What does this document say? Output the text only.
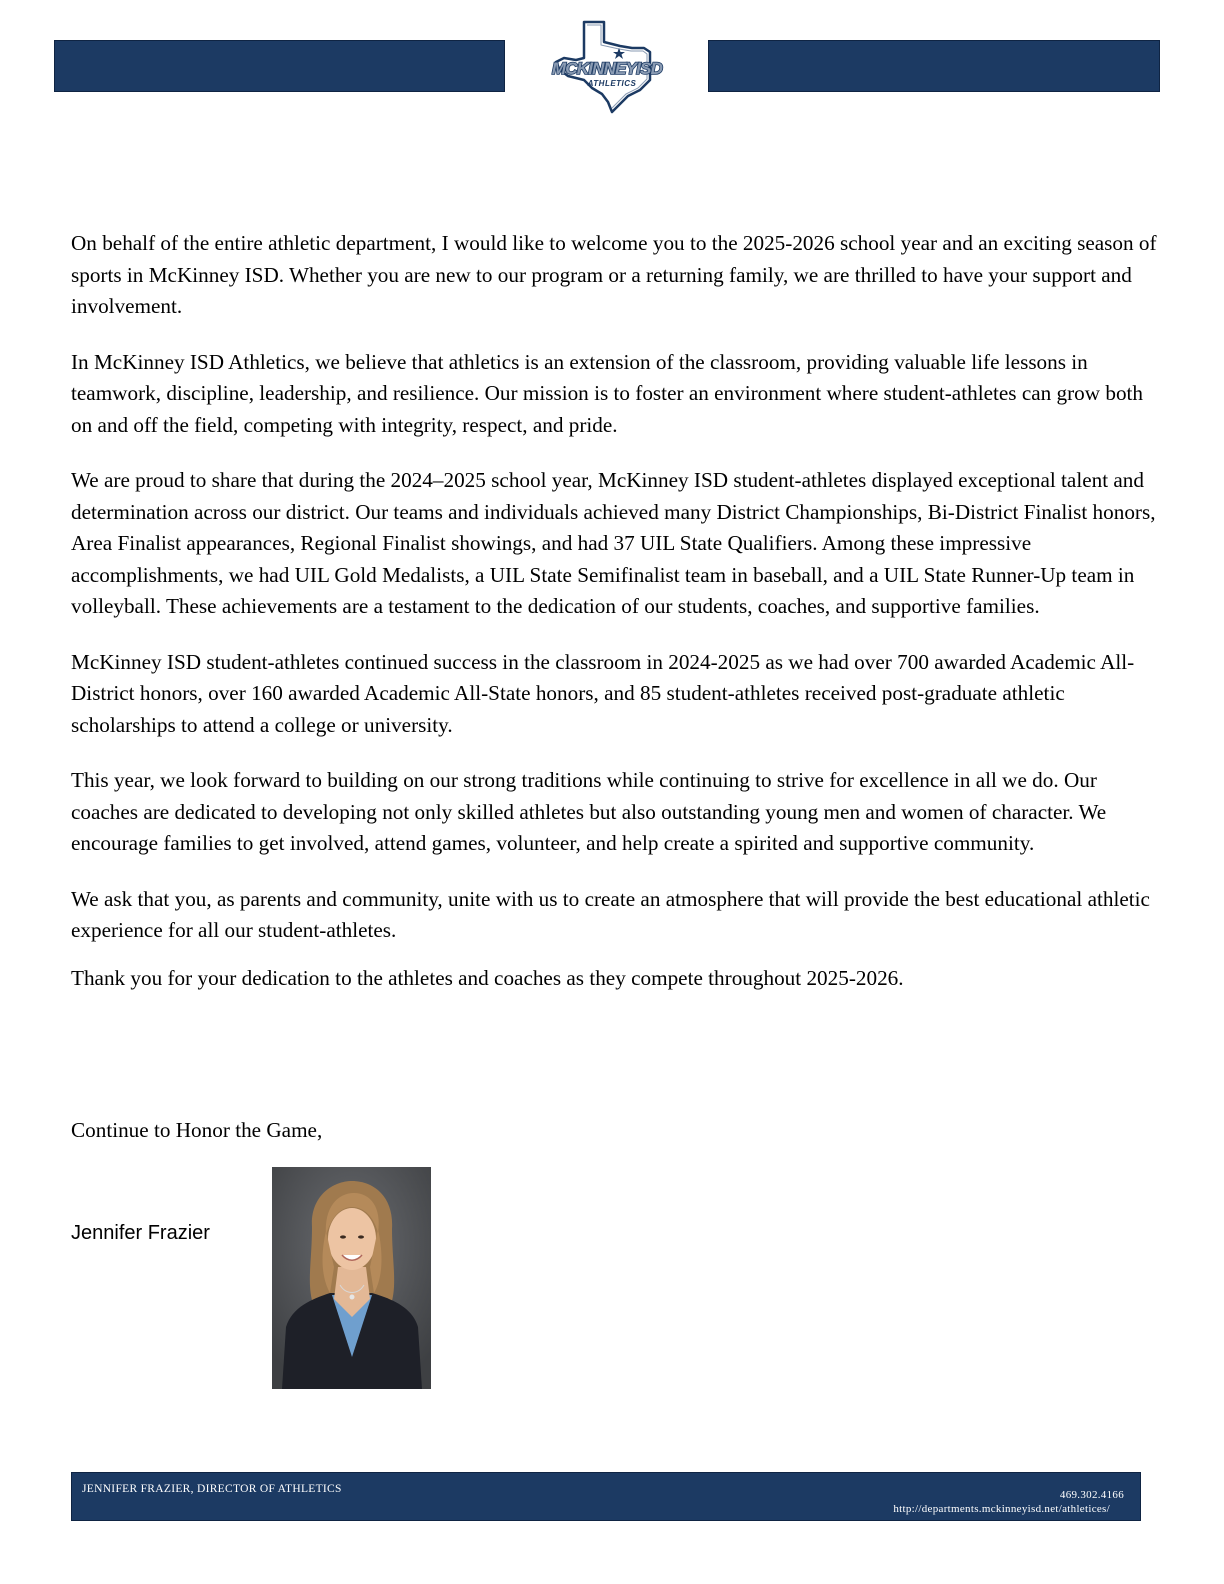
MCKINNEYISD
ATHLETICS

On behalf of the entire athletic department, I would like to welcome you to the 2025-2026 school year and an exciting season of sports in McKinney ISD. Whether you are new to our program or a returning family, we are thrilled to have your support and involvement.

In McKinney ISD Athletics, we believe that athletics is an extension of the classroom, providing valuable life lessons in teamwork, discipline, leadership, and resilience. Our mission is to foster an environment where student-athletes can grow both on and off the field, competing with integrity, respect, and pride.

We are proud to share that during the 2024–2025 school year, McKinney ISD student-athletes displayed exceptional talent and determination across our district. Our teams and individuals achieved many District Championships, Bi-District Finalist honors, Area Finalist appearances, Regional Finalist showings, and had 37 UIL State Qualifiers. Among these impressive accomplishments, we had UIL Gold Medalists, a UIL State Semifinalist team in baseball, and a UIL State Runner-Up team in volleyball. These achievements are a testament to the dedication of our students, coaches, and supportive families.

McKinney ISD student-athletes continued success in the classroom in 2024-2025 as we had over 700 awarded Academic All-District honors, over 160 awarded Academic All-State honors, and 85 student-athletes received post-graduate athletic scholarships to attend a college or university.

This year, we look forward to building on our strong traditions while continuing to strive for excellence in all we do. Our coaches are dedicated to developing not only skilled athletes but also outstanding young men and women of character. We encourage families to get involved, attend games, volunteer, and help create a spirited and supportive community.

We ask that you, as parents and community, unite with us to create an atmosphere that will provide the best educational athletic experience for all our student-athletes.

Thank you for your dedication to the athletes and coaches as they compete throughout 2025-2026.

Continue to Honor the Game,
Jennifer Frazier
JENNIFER FRAZIER, DIRECTOR OF ATHLETICS	469.302.4166
http://departments.mckinneyisd.net/athletices/
